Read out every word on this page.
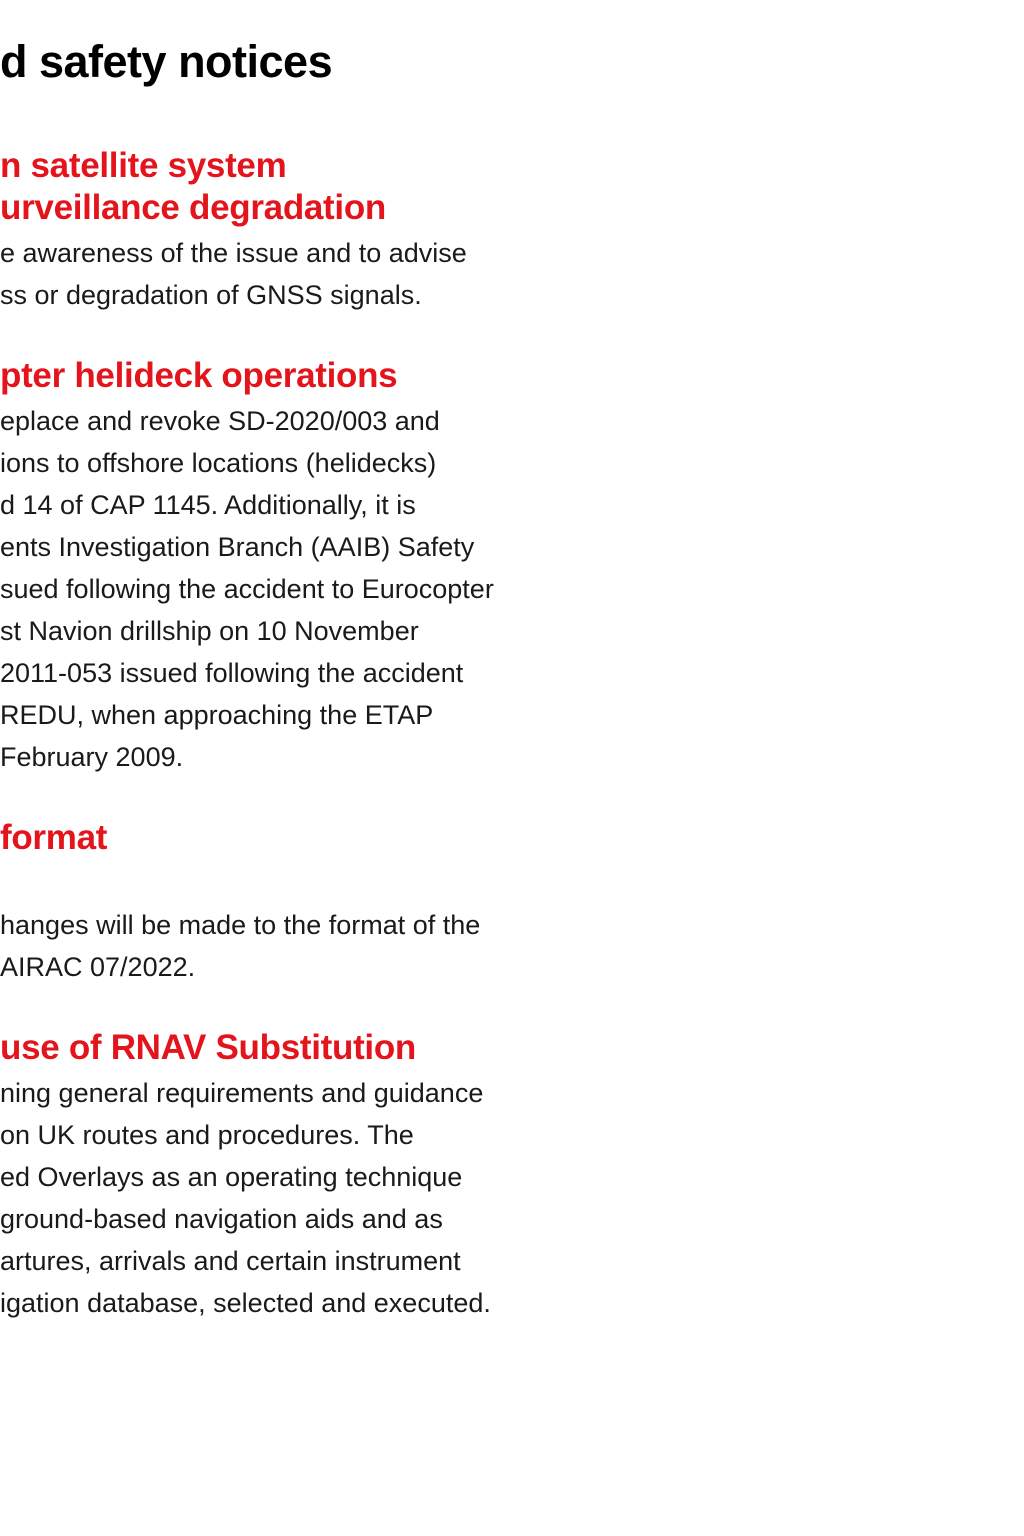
d safety notices
n satellite system
urveillance degradation
e awareness of the issue and to advise
ss or degradation of GNSS signals.
pter helideck operations
eplace and revoke SD-2020/003 and
ions to offshore locations (helidecks)
d 14 of CAP 1145. Additionally, it is
ents Investigation Branch (AAIB) Safety
sued following the accident to Eurocopter
st Navion drillship on 10 November
2011-053 issued following the accident
REDU, when approaching the ETAP
February 2009.
format
hanges will be made to the format of the
AIRAC 07/2022.
use of RNAV Substitution
ning general requirements and guidance
on UK routes and procedures. The
ed Overlays as an operating technique
ground-based navigation aids and as
artures, arrivals and certain instrument
igation database, selected and executed.
